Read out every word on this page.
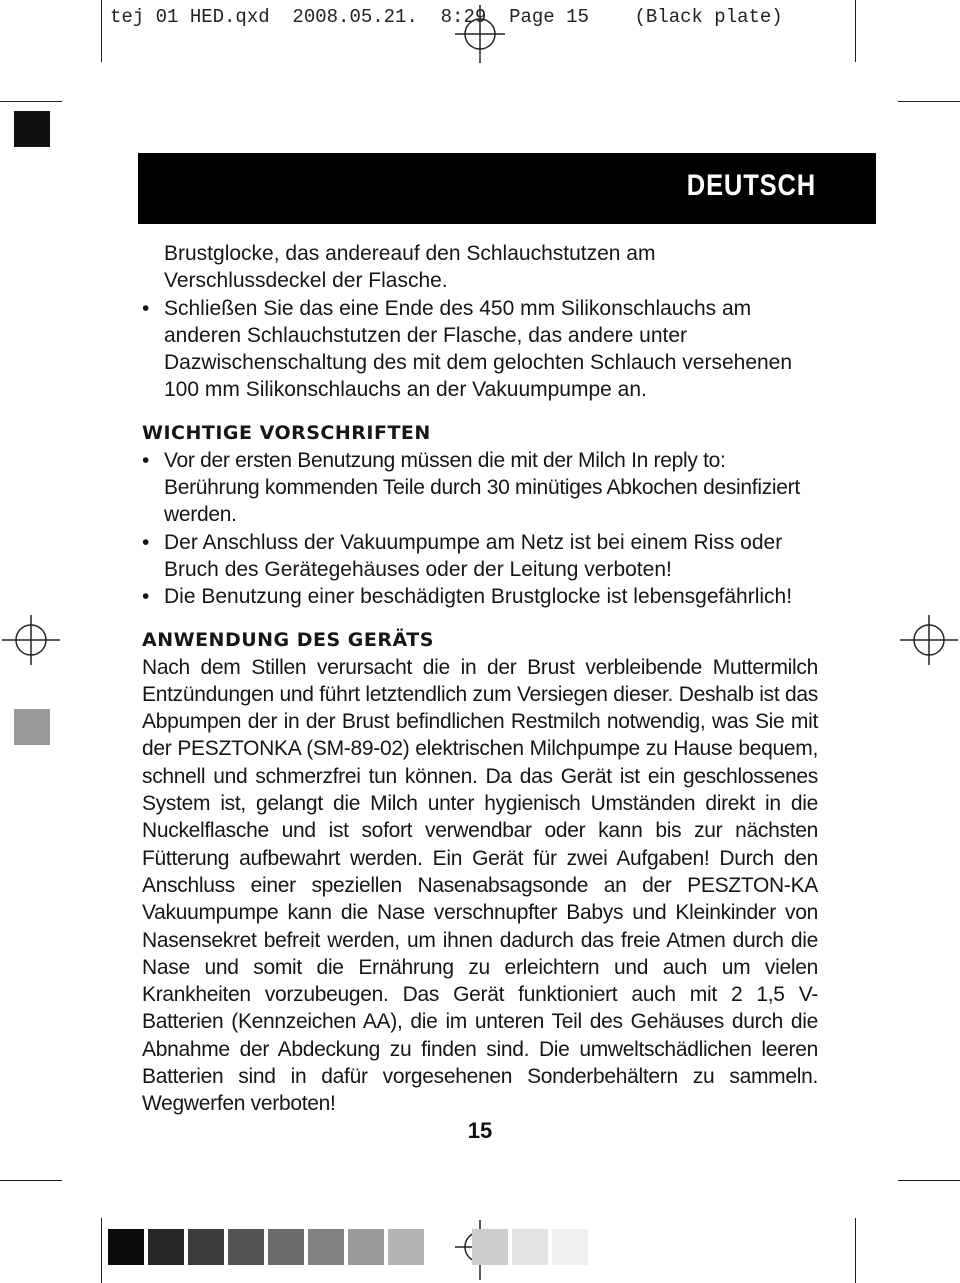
tej 01 HED.qxd  2008.05.21.  8:29  Page 15    (Black plate)
DEUTSCH

Brustglocke, das andereauf den Schlauchstutzen am

Verschlussdeckel der Flasche.

• Schließen Sie das eine Ende des 450 mm Silikonschlauchs am anderen Schlauchstutzen der Flasche, das andere unter Dazwischenschaltung des mit dem gelochten Schlauch versehenen 100 mm Silikonschlauchs an der Vakuumpumpe an.

WICHTIGE VORSCHRIFTEN

• Vor der ersten Benutzung müssen die mit der Milch In reply to: Berührung kommenden Teile durch 30 minütiges Abkochen desinfiziert werden.

• Der Anschluss der Vakuumpumpe am Netz ist bei einem Riss oder Bruch des Gerätegehäuses oder der Leitung verboten!

• Die Benutzung einer beschädigten Brustglocke ist lebensgefährlich!

ANWENDUNG DES GERÄTS

Nach dem Stillen verursacht die in der Brust verbleibende Muttermilch Entzündungen und führt letztendlich zum Versiegen dieser. Deshalb ist das Abpumpen der in der Brust befindlichen Restmilch notwendig, was Sie mit der PESZTONKA (SM-89-02) elektrischen Milchpumpe zu Hause bequem, schnell und schmerzfrei tun können. Da das Gerät ist ein geschlossenes System ist, gelangt die Milch unter hygienisch Umständen direkt in die Nuckelflasche und ist sofort verwendbar oder kann bis zur nächsten Fütterung aufbewahrt werden. Ein Gerät für zwei Aufgaben! Durch den Anschluss einer speziellen Nasenabsagsonde an der PESZTON-KA Vakuumpumpe kann die Nase verschnupfter Babys und Kleinkinder von Nasensekret befreit werden, um ihnen dadurch das freie Atmen durch die Nase und somit die Ernährung zu erleichtern und auch um vielen Krankheiten vorzubeugen. Das Gerät funktioniert auch mit 2 1,5 V-Batterien (Kennzeichen AA), die im unteren Teil des Gehäuses durch die Abnahme der Abdeckung zu finden sind. Die umweltschädlichen leeren Batterien sind in dafür vorgesehenen Sonderbehältern zu sammeln. Wegwerfen verboten!

15
